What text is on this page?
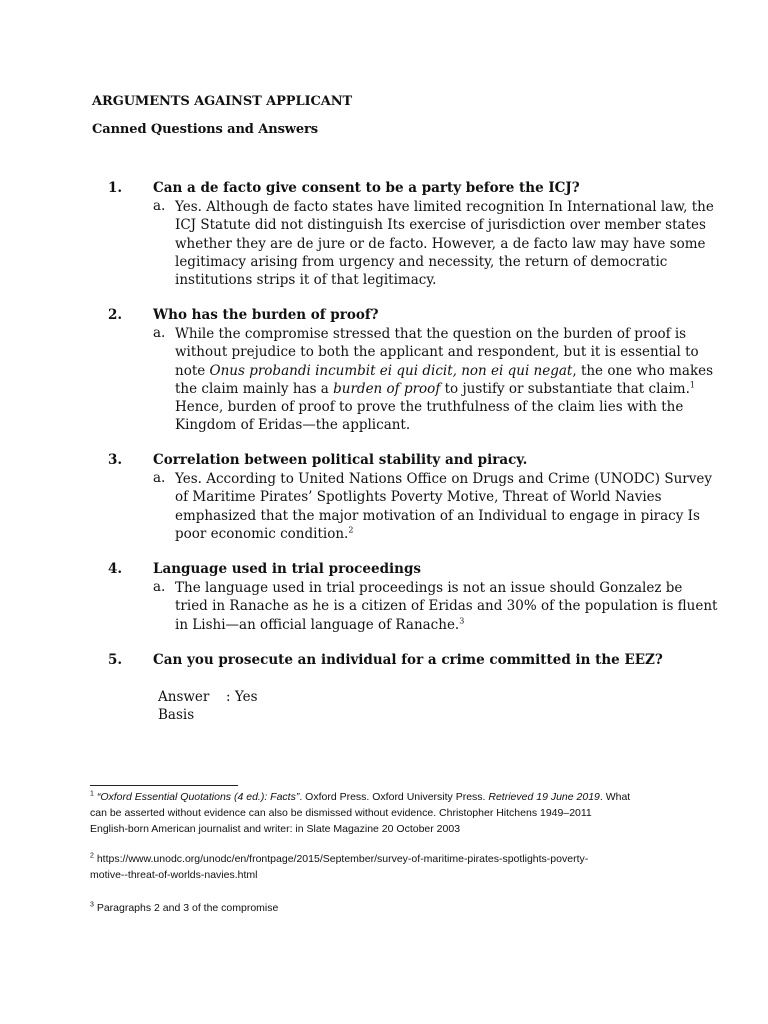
ARGUMENTS AGAINST APPLICANT
Canned Questions and Answers
1. Can a de facto give consent to be a party before the ICJ?
a. Yes. Although de facto states have limited recognition In International law, the
ICJ Statute did not distinguish Its exercise of jurisdiction over member states
whether they are de jure or de facto. However, a de facto law may have some
legitimacy arising from urgency and necessity, the return of democratic
institutions strips it of that legitimacy.
2. Who has the burden of proof?
a. While the compromise stressed that the question on the burden of proof is
without prejudice to both the applicant and respondent, but it is essential to
note Onus probandi incumbit ei qui dicit, non ei qui negat, the one who makes
the claim mainly has a burden of proof to justify or substantiate that claim.$^1$
Hence, burden of proof to prove the truthfulness of the claim lies with the
Kingdom of Eridas—the applicant.
3. Correlation between political stability and piracy.
a. Yes. According to United Nations Office on Drugs and Crime (UNODC) Survey
of Maritime Pirates’ Spotlights Poverty Motive, Threat of World Navies
emphasized that the major motivation of an Individual to engage in piracy Is
poor economic condition.$^2$
4. Language used in trial proceedings
a. The language used in trial proceedings is not an issue should Gonzalez be
tried in Ranache as he is a citizen of Eridas and 30% of the population is fluent
in Lishi—an official language of Ranache.$^3$
5. Can you prosecute an individual for a crime committed in the EEZ?
Answer : Yes
Basis
$^1$ “Oxford Essential Quotations (4 ed.): Facts”. Oxford Press. Oxford University Press. Retrieved 19 June 2019. What
can be asserted without evidence can also be dismissed without evidence. Christopher Hitchens 1949–2011
English-born American journalist and writer: in Slate Magazine 20 October 2003
$^2$ https://www.unodc.org/unodc/en/frontpage/2015/September/survey-of-maritime-pirates-spotlights-poverty-
motive--threat-of-worlds-navies.html
$^3$ Paragraphs 2 and 3 of the compromise
